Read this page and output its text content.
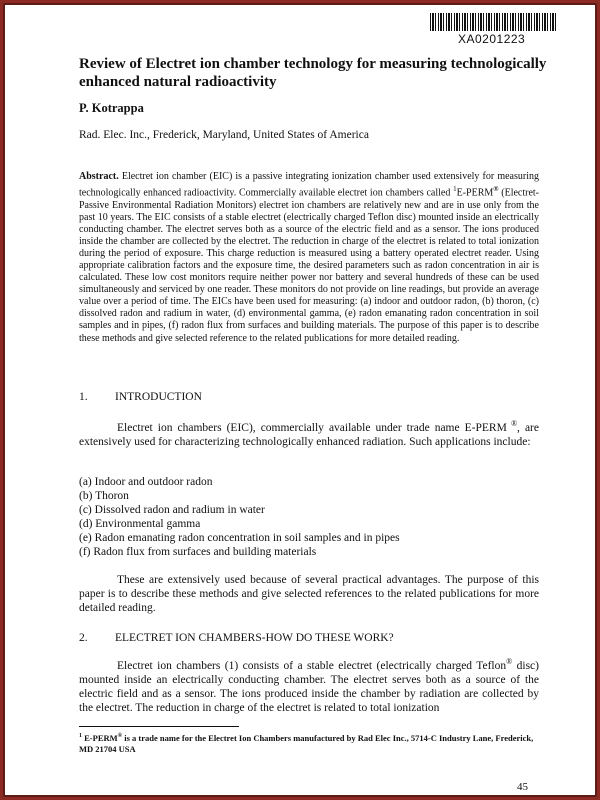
XA0201223
Review of Electret ion chamber technology for measuring technologically enhanced natural radioactivity
P. Kotrappa
Rad. Elec. Inc., Frederick, Maryland, United States of America
Abstract. Electret ion chamber (EIC) is a passive integrating ionization chamber used extensively for measuring technologically enhanced radioactivity. Commercially available electret ion chambers called $^1$E-PERM® (Electret-Passive Environmental Radiation Monitors) electret ion chambers are relatively new and are in use only from the past 10 years. The EIC consists of a stable electret (electrically charged Teflon disc) mounted inside an electrically conducting chamber. The electret serves both as a source of the electric field and as a sensor. The ions produced inside the chamber are collected by the electret. The reduction in charge of the electret is related to total ionization during the period of exposure. This charge reduction is measured using a battery operated electret reader. Using appropriate calibration factors and the exposure time, the desired parameters such as radon concentration in air is calculated. These low cost monitors require neither power nor battery and several hundreds of these can be used simultaneously and serviced by one reader. These monitors do not provide on line readings, but provide an average value over a period of time. The EICs have been used for measuring: (a) indoor and outdoor radon, (b) thoron, (c) dissolved radon and radium in water, (d) environmental gamma, (e) radon emanating radon concentration in soil samples and in pipes, (f) radon flux from surfaces and building materials. The purpose of this paper is to describe these methods and give selected reference to the related publications for more detailed reading.
1. INTRODUCTION
Electret ion chambers (EIC), commercially available under trade name E-PERM ®, are extensively used for characterizing technologically enhanced radiation. Such applications include:
(a) Indoor and outdoor radon
(b) Thoron
(c) Dissolved radon and radium in water
(d) Environmental gamma
(e) Radon emanating radon concentration in soil samples and in pipes
(f) Radon flux from surfaces and building materials
These are extensively used because of several practical advantages. The purpose of this paper is to describe these methods and give selected references to the related publications for more detailed reading.
2. ELECTRET ION CHAMBERS-HOW DO THESE WORK?
Electret ion chambers (1) consists of a stable electret (electrically charged Teflon® disc) mounted inside an electrically conducting chamber. The electret serves both as a source of the electric field and as a sensor. The ions produced inside the chamber by radiation are collected by the electret. The reduction in charge of the electret is related to total ionization
$^1$ E-PERM® is a trade name for the Electret Ion Chambers manufactured by Rad Elec Inc., 5714-C Industry Lane, Frederick, MD 21704 USA
45
